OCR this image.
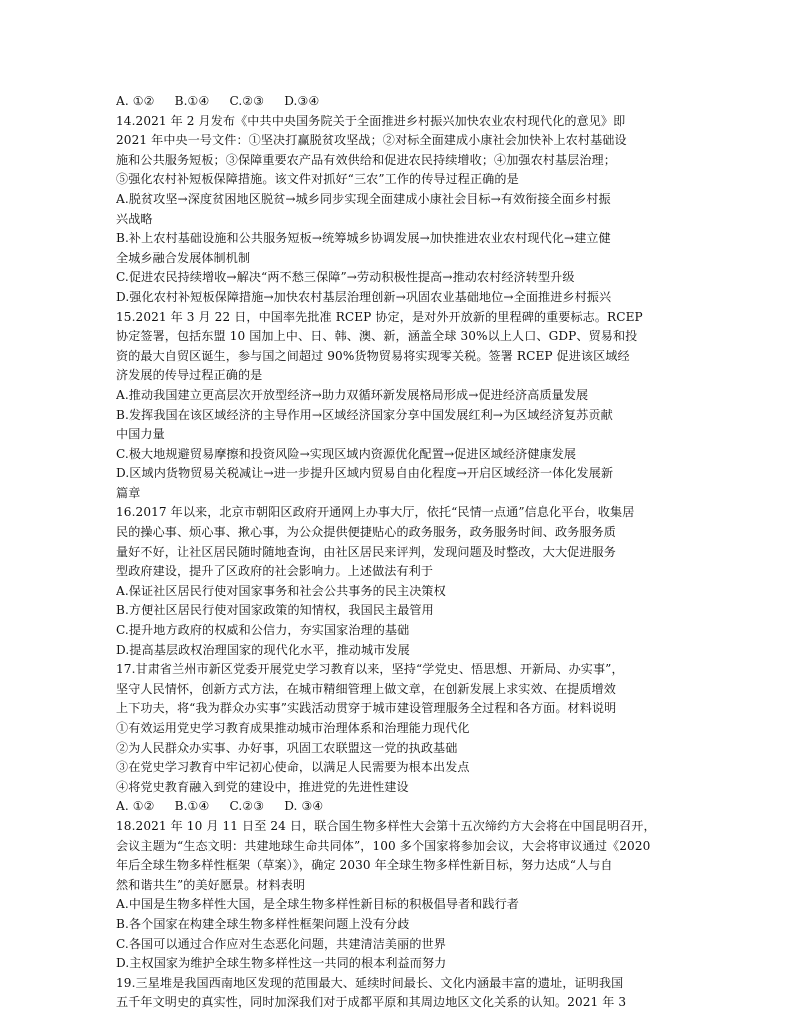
A. ①② B.①④ C.②③ D.③④
14.2021 年 2 月发布《中共中央国务院关于全面推进乡村振兴加快农业农村现代化的意见》即
2021 年中央一号文件：①坚决打赢脱贫攻坚战；②对标全面建成小康社会加快补上农村基础设
施和公共服务短板；③保障重要农产品有效供给和促进农民持续增收；④加强农村基层治理；
⑤强化农村补短板保障措施。该文件对抓好“三农”工作的传导过程正确的是
A.脱贫攻坚→深度贫困地区脱贫→城乡同步实现全面建成小康社会目标→有效衔接全面乡村振
兴战略
B.补上农村基础设施和公共服务短板→统筹城乡协调发展→加快推进农业农村现代化→建立健
全城乡融合发展体制机制
C.促进农民持续增收→解决“两不愁三保障”→劳动积极性提高→推动农村经济转型升级
D.强化农村补短板保障措施→加快农村基层治理创新→巩固农业基础地位→全面推进乡村振兴
15.2021 年 3 月 22 日，中国率先批准 RCEP 协定，是对外开放新的里程碑的重要标志。RCEP
协定签署，包括东盟 10 国加上中、日、韩、澳、新，涵盖全球 30%以上人口、GDP、贸易和投
资的最大自贸区诞生，参与国之间超过 90%货物贸易将实现零关税。签署 RCEP 促进该区域经
济发展的传导过程正确的是
A.推动我国建立更高层次开放型经济→助力双循环新发展格局形成→促进经济高质量发展
B.发挥我国在该区域经济的主导作用→区域经济国家分享中国发展红利→为区域经济复苏贡献
中国力量
C.极大地规避贸易摩擦和投资风险→实现区域内资源优化配置→促进区域经济健康发展
D.区域内货物贸易关税减让→进一步提升区域内贸易自由化程度→开启区域经济一体化发展新
篇章
16.2017 年以来，北京市朝阳区政府开通网上办事大厅，依托“民情一点通”信息化平台，收集居
民的操心事、烦心事、揪心事，为公众提供便捷贴心的政务服务，政务服务时间、政务服务质
量好不好，让社区居民随时随地查询，由社区居民来评判，发现问题及时整改，大大促进服务
型政府建设，提升了区政府的社会影响力。上述做法有利于
A.保证社区居民行使对国家事务和社会公共事务的民主决策权
B.方便社区居民行使对国家政策的知情权，我国民主最管用
C.提升地方政府的权威和公信力，夯实国家治理的基础
D.提高基层政权治理国家的现代化水平，推动城市发展
17.甘肃省兰州市新区党委开展党史学习教育以来，坚持“学党史、悟思想、开新局、办实事”，
坚守人民情怀，创新方式方法，在城市精细管理上做文章，在创新发展上求实效、在提质增效
上下功夫，将“我为群众办实事”实践活动贯穿于城市建设管理服务全过程和各方面。材料说明
①有效运用党史学习教育成果推动城市治理体系和治理能力现代化
②为人民群众办实事、办好事，巩固工农联盟这一党的执政基础
③在党史学习教育中牢记初心使命，以满足人民需要为根本出发点
④将党史教育融入到党的建设中，推进党的先进性建设
A. ①② B.①④ C.②③ D. ③④
18.2021 年 10 月 11 日至 24 日，联合国生物多样性大会第十五次缔约方大会将在中国昆明召开，
会议主题为“生态文明：共建地球生命共同体”，100 多个国家将参加会议，大会将审议通过《2020
年后全球生物多样性框架（草案）》，确定 2030 年全球生物多样性新目标，努力达成“人与自
然和谐共生”的美好愿景。材料表明
A.中国是生物多样性大国，是全球生物多样性新目标的积极倡导者和践行者
B.各个国家在构建全球生物多样性框架问题上没有分歧
C.各国可以通过合作应对生态恶化问题，共建清洁美丽的世界
D.主权国家为维护全球生物多样性这一共同的根本利益而努力
19.三星堆是我国西南地区发现的范围最大、延续时间最长、文化内涵最丰富的遗址，证明我国
五千年文明史的真实性，同时加深我们对于成都平原和其周边地区文化关系的认知。2021 年 3
